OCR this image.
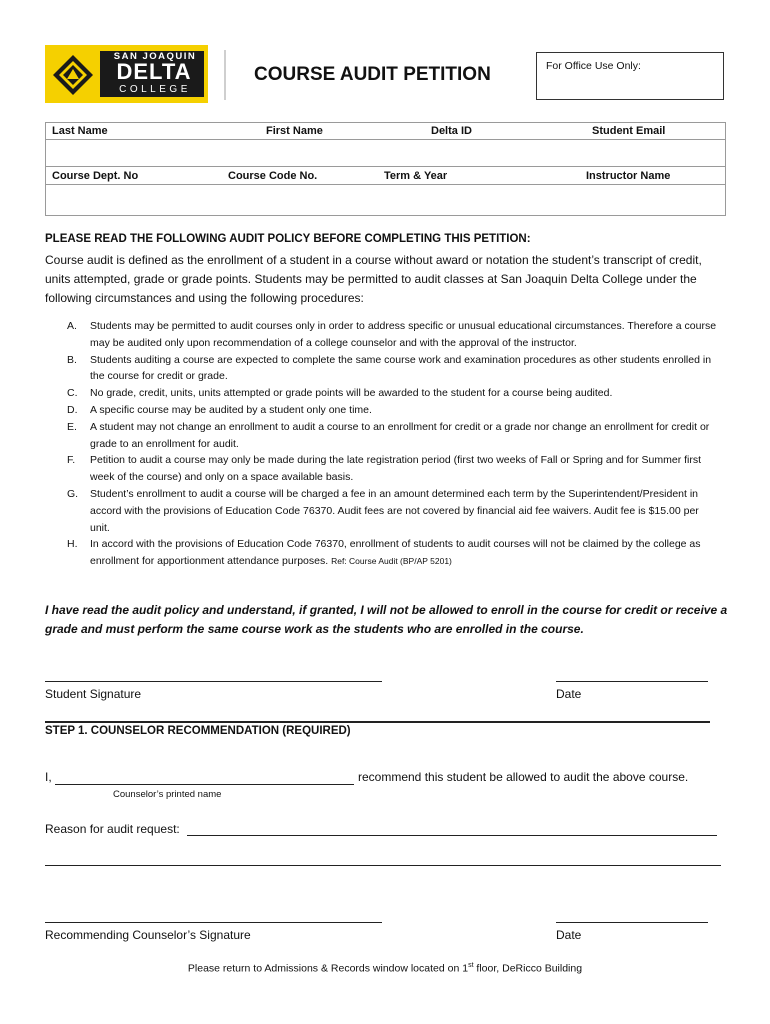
SAN JOAQUIN
DELTA
COLLEGE
COURSE AUDIT PETITION	For Office Use Only:
Last Name	First Name	Delta ID	Student Email
Course Dept. No	Course Code No.	Term & Year	Instructor Name
PLEASE READ THE FOLLOWING AUDIT POLICY BEFORE COMPLETING THIS PETITION:
Course audit is defined as the enrollment of a student in a course without award or notation the student’s transcript of credit, units attempted, grade or grade points. Students may be permitted to audit classes at San Joaquin Delta College under the following circumstances and using the following procedures:
A. Students may be permitted to audit courses only in order to address specific or unusual educational circumstances. Therefore a course may be audited only upon recommendation of a college counselor and with the approval of the instructor.
B. Students auditing a course are expected to complete the same course work and examination procedures as other students enrolled in the course for credit or grade.
C. No grade, credit, units, units attempted or grade points will be awarded to the student for a course being audited.
D. A specific course may be audited by a student only one time.
E. A student may not change an enrollment to audit a course to an enrollment for credit or a grade nor change an enrollment for credit or grade to an enrollment for audit.
F. Petition to audit a course may only be made during the late registration period (first two weeks of Fall or Spring and for Summer first week of the course) and only on a space available basis.
G. Student’s enrollment to audit a course will be charged a fee in an amount determined each term by the Superintendent/President in accord with the provisions of Education Code 76370. Audit fees are not covered by financial aid fee waivers. Audit fee is $15.00 per unit.
H. In accord with the provisions of Education Code 76370, enrollment of students to audit courses will not be claimed by the college as enrollment for apportionment attendance purposes. Ref: Course Audit (BP/AP 5201)
I have read the audit policy and understand, if granted, I will not be allowed to enroll in the course for credit or receive a grade and must perform the same course work as the students who are enrolled in the course.
Student Signature	Date
STEP 1. COUNSELOR RECOMMENDATION (REQUIRED)
I,	recommend this student be allowed to audit the above course.
Counselor’s printed name
Reason for audit request:
Recommending Counselor’s Signature	Date
Please return to Admissions & Records window located on 1st floor, DeRicco Building
